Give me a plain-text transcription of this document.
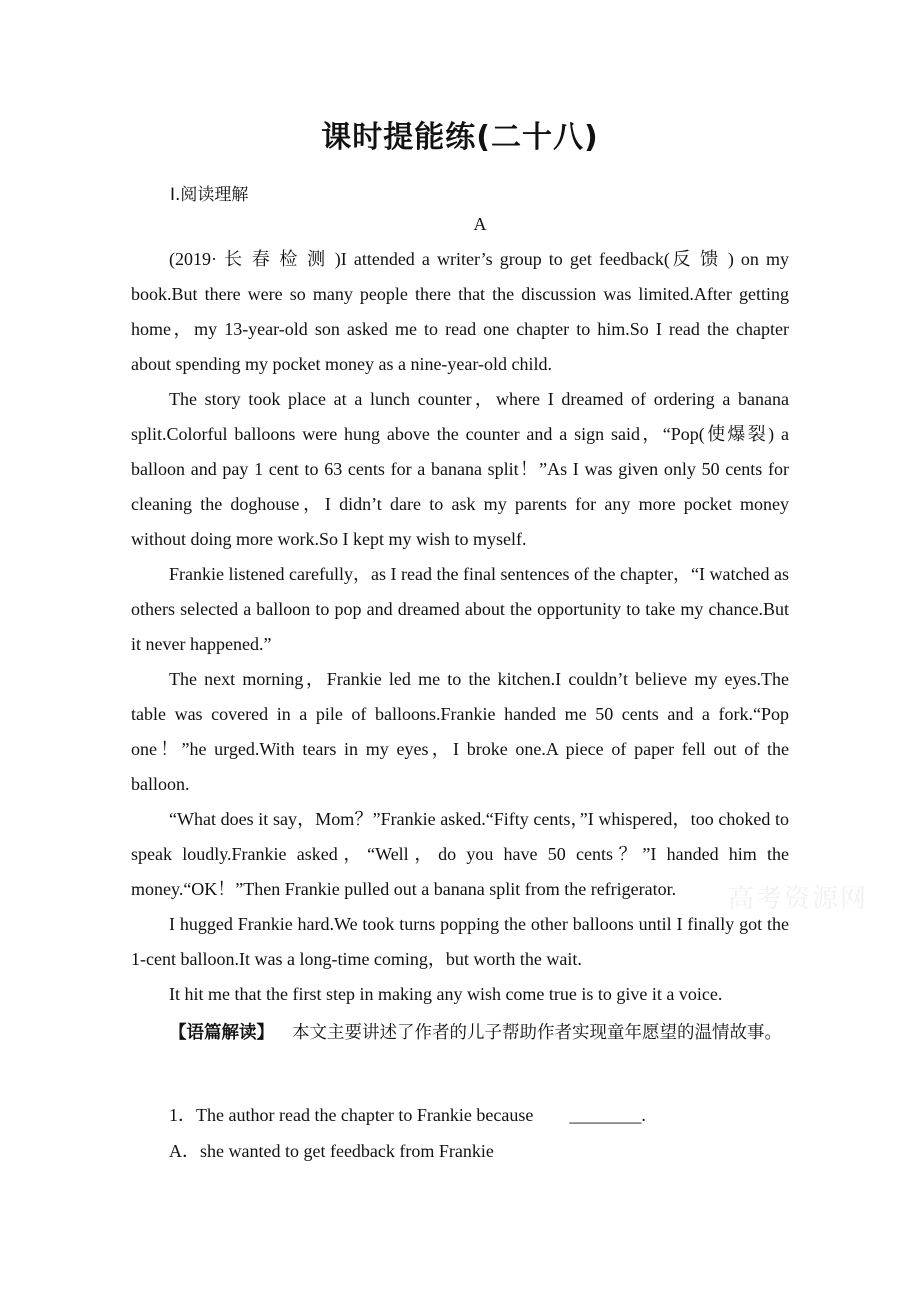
课时提能练(二十八)
Ⅰ.阅读理解
A

(2019· 长 春 检 测 )I attended a writer’s group to get feedback(反 馈 ) on my book.But there were so many people there that the discussion was limited.After getting home，my 13-year-old son asked me to read one chapter to him.So I read the chapter about spending my pocket money as a nine-year-old child.

The story took place at a lunch counter，where I dreamed of ordering a banana split.Colorful balloons were hung above the counter and a sign said，“Pop(使爆裂) a balloon and pay 1 cent to 63 cents for a banana split！”As I was given only 50 cents for cleaning the doghouse，I didn’t dare to ask my parents for any more pocket money without doing more work.So I kept my wish to myself.

Frankie listened carefully，as I read the final sentences of the chapter，“I watched as others selected a balloon to pop and dreamed about the opportunity to take my chance.But it never happened.”

The next morning，Frankie led me to the kitchen.I couldn’t believe my eyes.The table was covered in a pile of balloons.Frankie handed me 50 cents and a fork.“Pop one！”he urged.With tears in my eyes，I broke one.A piece of paper fell out of the balloon.

“What does it say，Mom？”Frankie asked.“Fifty cents，”I whispered，too choked to speak loudly.Frankie asked，“Well，do you have 50 cents？”I handed him the money.“OK！”Then Frankie pulled out a banana split from the refrigerator.

I hugged Frankie hard.We took turns popping the other balloons until I finally got the 1-cent balloon.It was a long-time coming，but worth the wait.

It hit me that the first step in making any wish come true is to give it a voice.

【语篇解读】 本文主要讲述了作者的儿子帮助作者实现童年愿望的温情故事。
1．The author read the chapter to Frankie because ________.
A．she wanted to get feedback from Frankie
高考资源网
